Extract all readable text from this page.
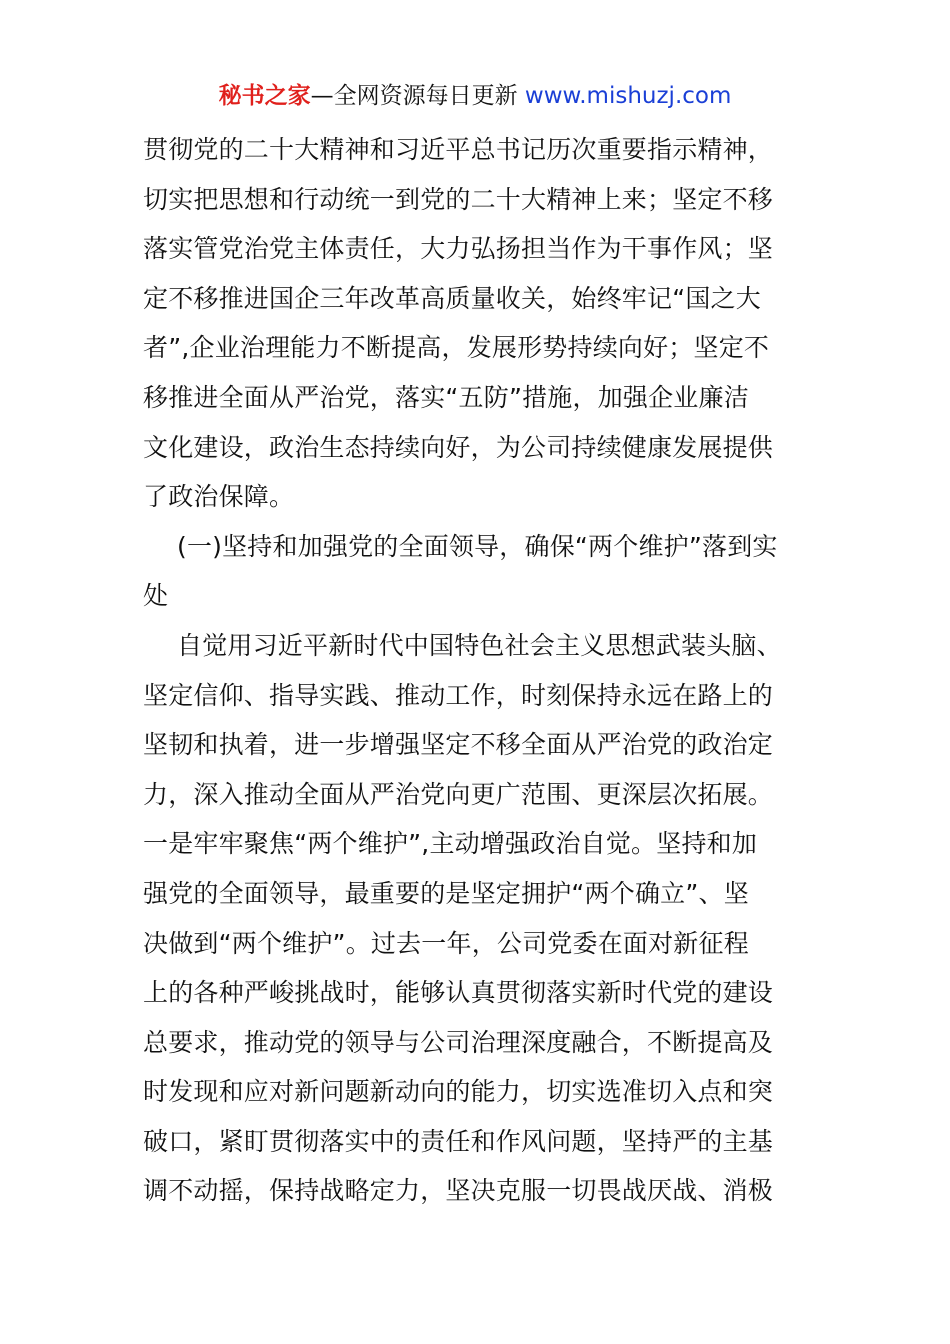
秘书之家—全网资源每日更新 www.mishuzj.com
贯彻党的二十大精神和习近平总书记历次重要指示精神，
切实把思想和行动统一到党的二十大精神上来；坚定不移
落实管党治党主体责任，大力弘扬担当作为干事作风；坚
定不移推进国企三年改革高质量收关，始终牢记“国之大
者”,企业治理能力不断提高，发展形势持续向好；坚定不
移推进全面从严治党，落实“五防”措施，加强企业廉洁
文化建设，政治生态持续向好，为公司持续健康发展提供
了政治保障。
(一)坚持和加强党的全面领导，确保“两个维护”落到实
处
自觉用习近平新时代中国特色社会主义思想武装头脑、
坚定信仰、指导实践、推动工作，时刻保持永远在路上的
坚韧和执着，进一步增强坚定不移全面从严治党的政治定
力，深入推动全面从严治党向更广范围、更深层次拓展。
一是牢牢聚焦“两个维护”,主动增强政治自觉。坚持和加
强党的全面领导，最重要的是坚定拥护“两个确立”、坚
决做到“两个维护”。过去一年，公司党委在面对新征程
上的各种严峻挑战时，能够认真贯彻落实新时代党的建设
总要求，推动党的领导与公司治理深度融合，不断提高及
时发现和应对新问题新动向的能力，切实选准切入点和突
破口，紧盯贯彻落实中的责任和作风问题，坚持严的主基
调不动摇，保持战略定力，坚决克服一切畏战厌战、消极
